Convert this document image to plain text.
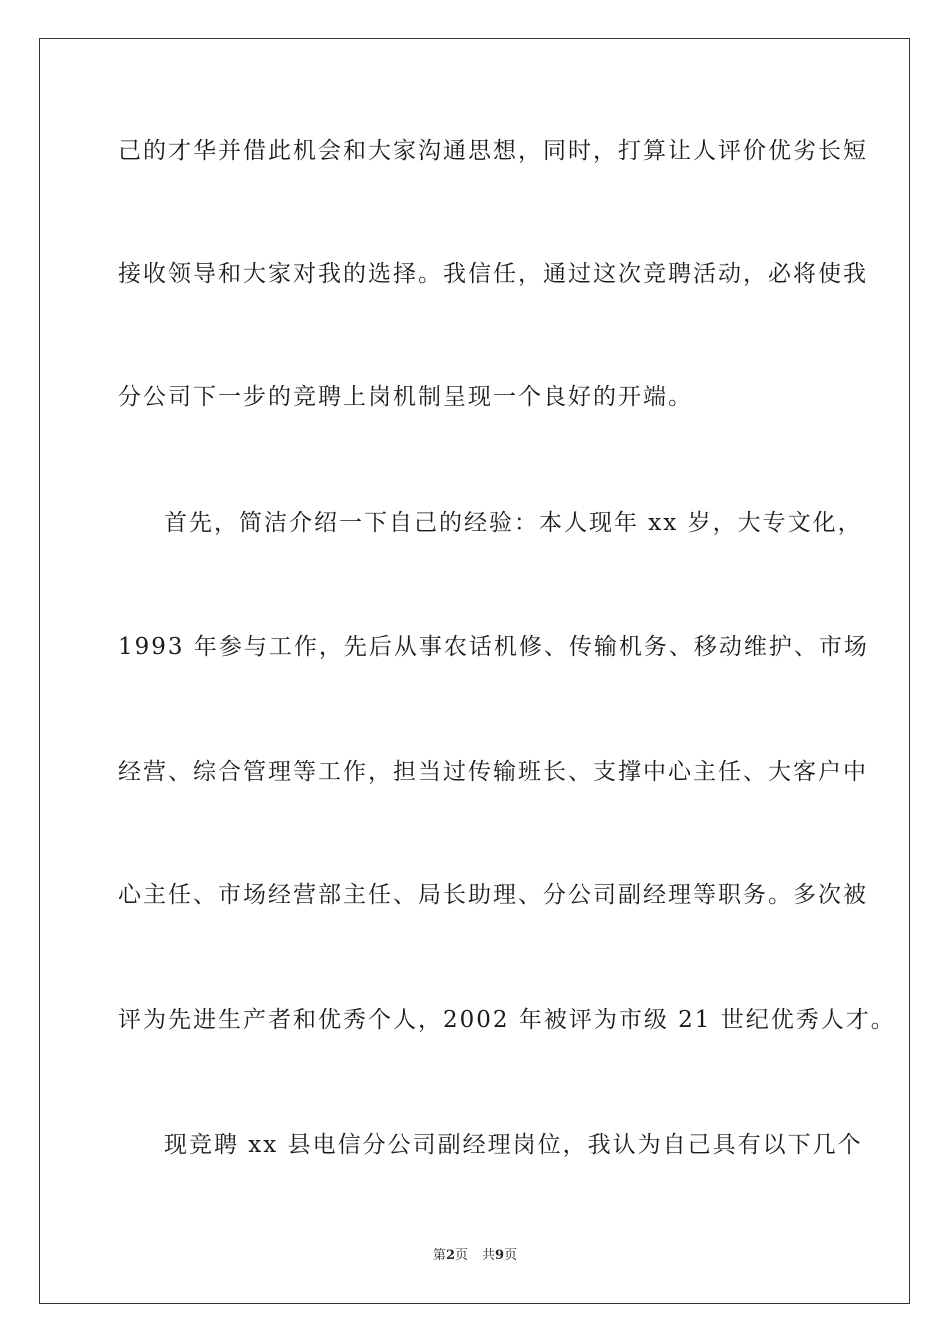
己的才华并借此机会和大家沟通思想，同时，打算让人评价优劣长短
接收领导和大家对我的选择。我信任，通过这次竞聘活动，必将使我
分公司下一步的竞聘上岗机制呈现一个良好的开端。
首先，简洁介绍一下自己的经验：本人现年 xx 岁，大专文化，
1993 年参与工作，先后从事农话机修、传输机务、移动维护、市场
经营、综合管理等工作，担当过传输班长、支撑中心主任、大客户中
心主任、市场经营部主任、局长助理、分公司副经理等职务。多次被
评为先进生产者和优秀个人，2002 年被评为市级 21 世纪优秀人才。
现竞聘 xx 县电信分公司副经理岗位，我认为自己具有以下几个
第2页 共9页
